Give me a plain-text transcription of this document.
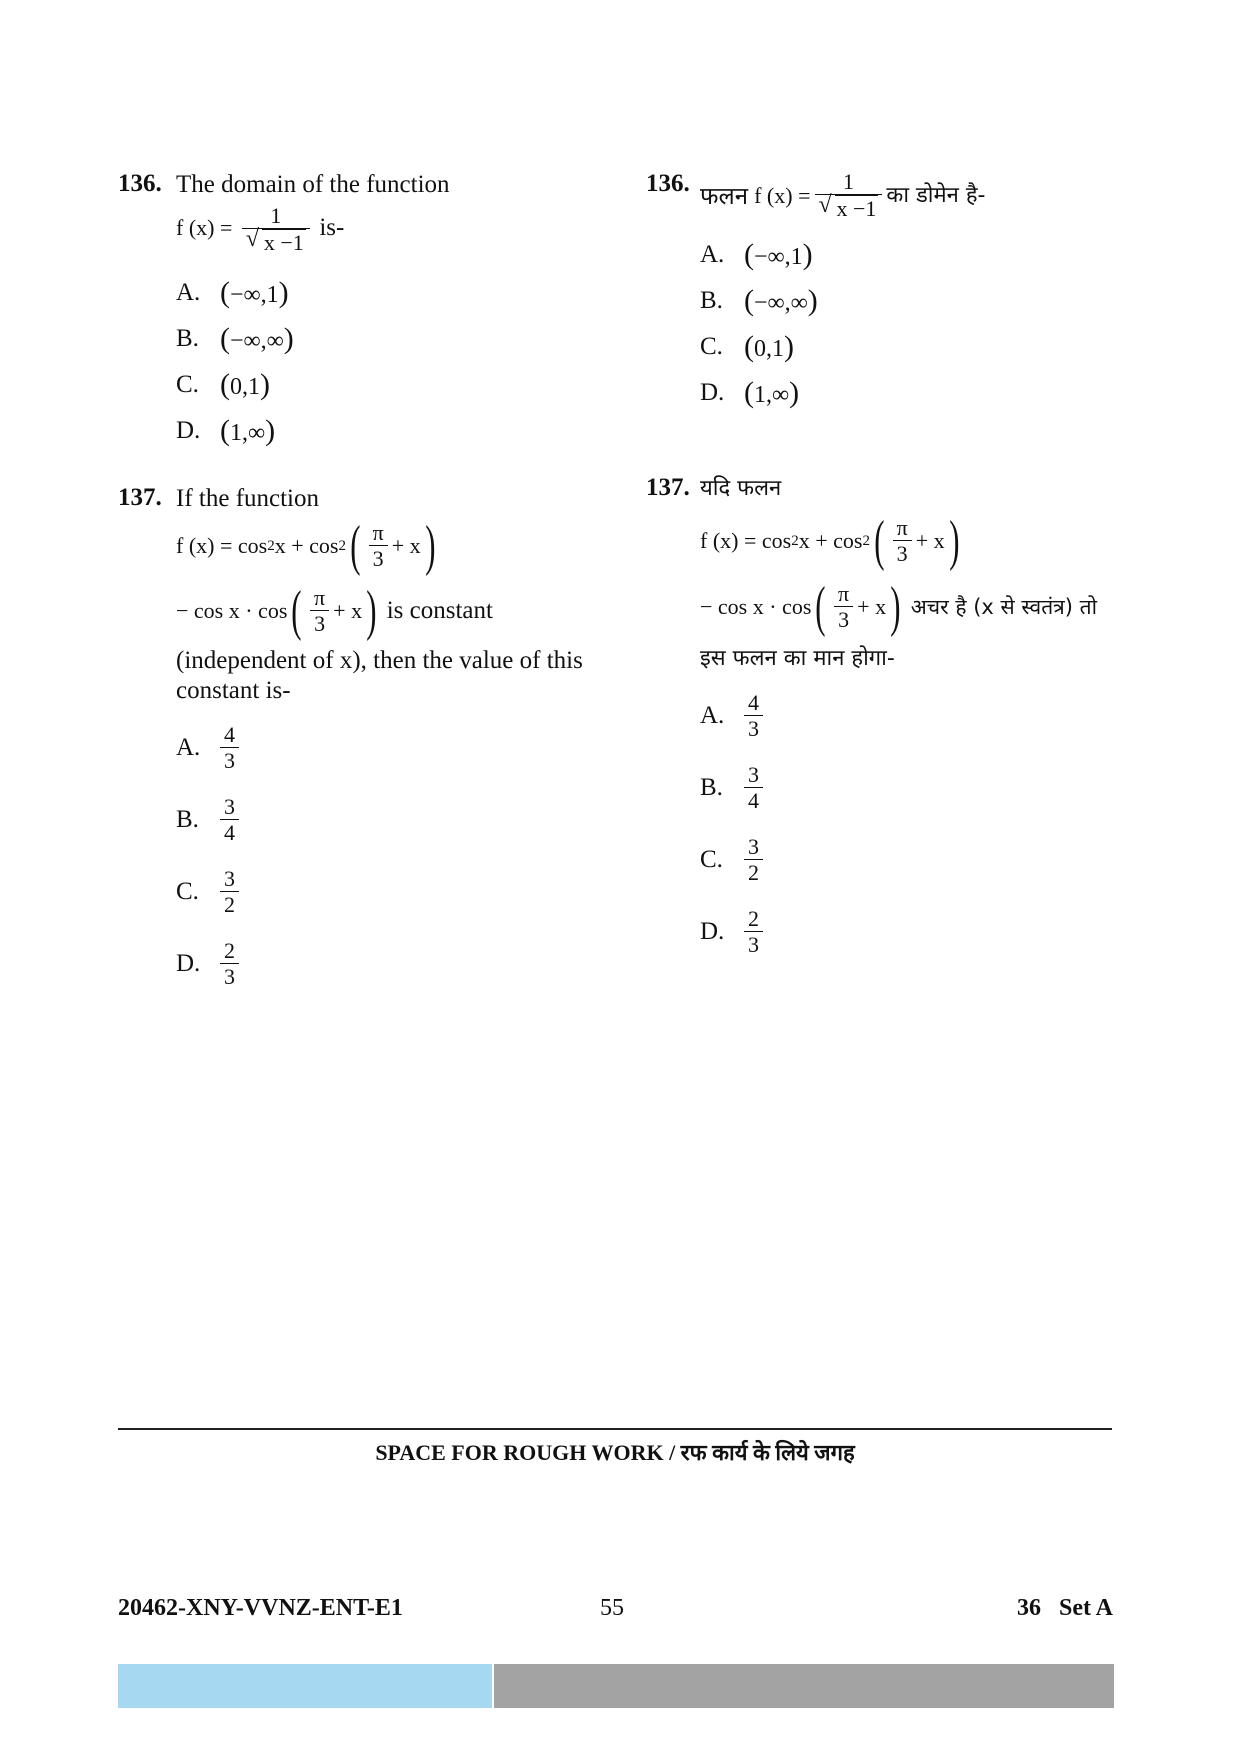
136. The domain of the function
f $(x) = \frac{1}{√ x -1} is-$
A. (−∞,1)
B. (−∞,∞)
C. (0,1)
D. (1,∞)
137. If the function
f (x) = cos 2 x + cos 2 ( $\frac{\pi}{3} + x$ )
− cos x · cos ( $\frac{\pi}{3} + x$ ) is constant
(independent of x), then the value of this constant is-
A. $\frac{4}{3}$
B. $\frac{3}{4}$
C. $\frac{3}{2}$
D. $\frac{2}{3}$
136. फलन f $(x) = \frac{1}{√ x -1}$ का डोमेन है-
A. (−∞,1)
B. (−∞,∞)
C. (0,1)
D. (1,∞)
137. यदि फलन
f (x) = cos 2 x + cos 2 ( $\frac{\pi}{3} + x$ )
− cos x · cos ( $\frac{\pi}{3} + x$ ) अचर है (x से स्वतंत्र) तो
इस फलन का मान होगा-
A. $\frac{4}{3}$
B. $\frac{3}{4}$
C. $\frac{3}{2}$
D. $\frac{2}{3}$
SPACE FOR ROUGH WORK / रफ कार्य के लिये जगह
20462-XNY-VVNZ-ENT-E1	55	36   Set A
